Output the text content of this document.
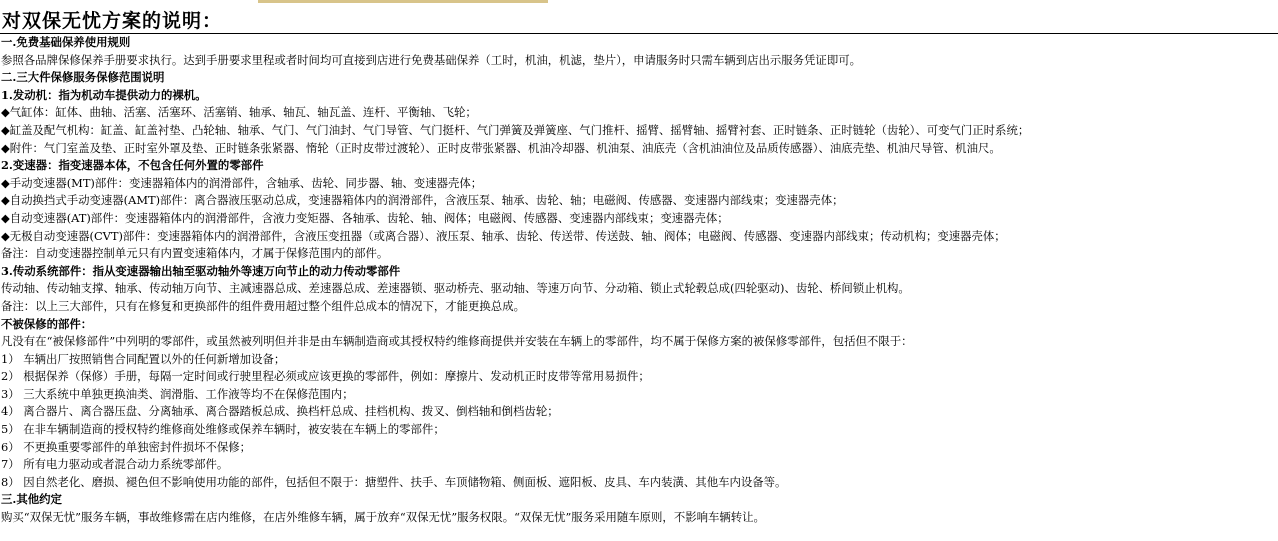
对双保无忧方案的说明：
一.免费基础保养使用规则
参照各品牌保修保养手册要求执行。达到手册要求里程或者时间均可直接到店进行免费基础保养（工时，机油，机滤，垫片），申请服务时只需车辆到店出示服务凭证即可。
二.三大件保修服务保修范围说明
1.发动机：指为机动车提供动力的裸机。
◆气缸体：缸体、曲轴、活塞、活塞环、活塞销、轴承、轴瓦、轴瓦盖、连杆、平衡轴、飞轮；
◆缸盖及配气机构：缸盖、缸盖衬垫、凸轮轴、轴承、气门、气门油封、气门导管、气门挺杆、气门弹簧及弹簧座、气门推杆、摇臂、摇臂轴、摇臂衬套、正时链条、正时链轮（齿轮）、可变气门正时系统；
◆附件：气门室盖及垫、正时室外罩及垫、正时链条张紧器、惰轮（正时皮带过渡轮）、正时皮带张紧器、机油冷却器、机油泵、油底壳（含机油油位及品质传感器）、油底壳垫、机油尺导管、机油尺。
2.变速器：指变速器本体，不包含任何外置的零部件
◆手动变速器(MT)部件：变速器箱体内的润滑部件，含轴承、齿轮、同步器、轴、变速器壳体；
◆自动换挡式手动变速器(AMT)部件：离合器液压驱动总成，变速器箱体内的润滑部件，含液压泵、轴承、齿轮、轴；电磁阀、传感器、变速器内部线束；变速器壳体；
◆自动变速器(AT)部件：变速器箱体内的润滑部件，含液力变矩器、各轴承、齿轮、轴、阀体；电磁阀、传感器、变速器内部线束；变速器壳体；
◆无极自动变速器(CVT)部件：变速器箱体内的润滑部件，含液压变扭器（或离合器）、液压泵、轴承、齿轮、传送带、传送鼓、轴、阀体；电磁阀、传感器、变速器内部线束；传动机构；变速器壳体；
备注：自动变速器控制单元只有内置变速箱体内，才属于保修范围内的部件。
3.传动系统部件：指从变速器输出轴至驱动轴外等速万向节止的动力传动零部件
传动轴、传动轴支撑、轴承、传动轴万向节、主减速器总成、差速器总成、差速器锁、驱动桥壳、驱动轴、等速万向节、分动箱、锁止式轮毂总成(四轮驱动)、齿轮、桥间锁止机构。
备注：以上三大部件，只有在修复和更换部件的组件费用超过整个组件总成本的情况下，才能更换总成。
不被保修的部件：
凡没有在“被保修部件”中列明的零部件，或虽然被列明但并非是由车辆制造商或其授权特约维修商提供并安装在车辆上的零部件，均不属于保修方案的被保修零部件，包括但不限于：
1） 车辆出厂按照销售合同配置以外的任何新增加设备；
2） 根据保养（保修）手册，每隔一定时间或行驶里程必须或应该更换的零部件，例如：摩擦片、发动机正时皮带等常用易损件；
3） 三大系统中单独更换油类、润滑脂、工作液等均不在保修范围内；
4） 离合器片、离合器压盘、分离轴承、离合器踏板总成、换档杆总成、挂档机构、拨叉、倒档轴和倒档齿轮；
5） 在非车辆制造商的授权特约维修商处维修或保养车辆时，被安装在车辆上的零部件；
6） 不更换重要零部件的单独密封件损坏不保修；
7） 所有电力驱动或者混合动力系统零部件。
8） 因自然老化、磨损、褪色但不影响使用功能的部件，包括但不限于：搪塑件、扶手、车顶储物箱、侧面板、遮阳板、皮具、车内装潢、其他车内设备等。
三.其他约定
购买“双保无忧”服务车辆，事故维修需在店内维修，在店外维修车辆，属于放弃“双保无忧”服务权限。“双保无忧”服务采用随车原则，不影响车辆转让。
